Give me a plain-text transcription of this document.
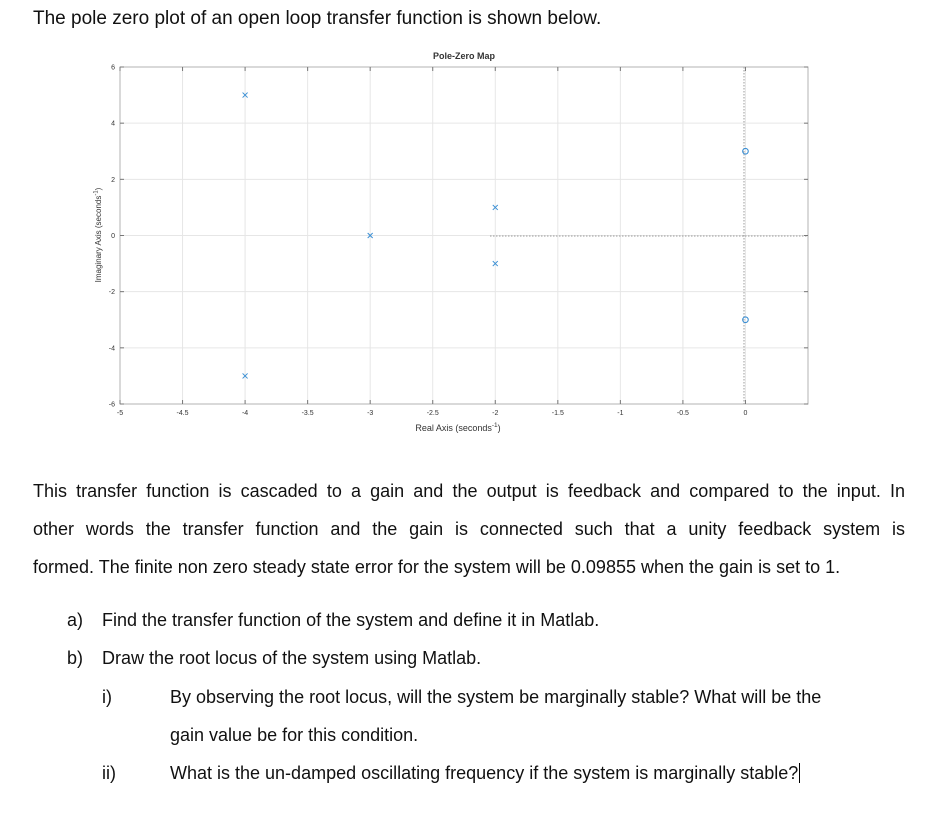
The pole zero plot of an open loop transfer function is shown below.
-5	-4.5	-4	-3.5	-3	-2.5	-2	-1.5	-1	-0.5	0
-6
-4
-2
0
2
4
6
Pole-Zero Map
Real Axis (seconds$^{-1}$)
Imaginary Axis (seconds$^{-1}$)
This transfer function is cascaded to a gain and the output is feedback and compared to the input. In
other words the transfer function and the gain is connected such that a unity feedback system is
formed. The finite non zero steady state error for the system will be 0.09855 when the gain is set to 1.
a) Find the transfer function of the system and define it in Matlab.
b) Draw the root locus of the system using Matlab.
i)	By observing the root locus, will the system be marginally stable? What will be the
gain value be for this condition.
ii)	What is the un-damped oscillating frequency if the system is marginally stable?
